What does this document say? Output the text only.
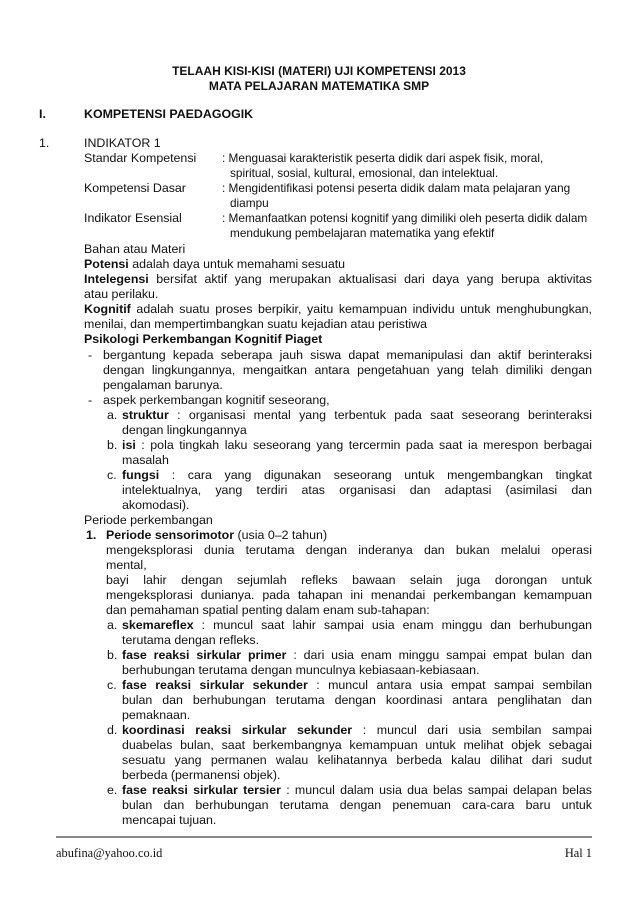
TELAAH KISI-KISI (MATERI) UJI KOMPETENSI 2013
MATA PELAJARAN MATEMATIKA SMP
I.	KOMPETENSI PAEDAGOGIK
1.	INDIKATOR 1
Standar Kompetensi : Menguasai karakteristik peserta didik dari aspek fisik, moral,
spiritual, sosial, kultural, emosional, dan intelektual.
Kompetensi Dasar	: Mengidentifikasi potensi peserta didik dalam mata pelajaran yang
diampu
Indikator Esensial	: Memanfaatkan potensi kognitif yang dimiliki oleh peserta didik dalam
mendukung pembelajaran matematika yang efektif
Bahan atau Materi
Potensi adalah daya untuk memahami sesuatu
Intelegensi bersifat aktif yang merupakan aktualisasi dari daya yang berupa aktivitas
atau perilaku.
Kognitif adalah suatu proses berpikir, yaitu kemampuan individu untuk menghubungkan,
menilai, dan mempertimbangkan suatu kejadian atau peristiwa
Psikologi Perkembangan Kognitif Piaget
- bergantung kepada seberapa jauh siswa dapat memanipulasi dan aktif berinteraksi
dengan lingkungannya, mengaitkan antara pengetahuan yang telah dimiliki dengan
pengalaman barunya.
- aspek perkembangan kognitif seseorang,
a. struktur : organisasi mental yang terbentuk pada saat seseorang berinteraksi
dengan lingkungannya
b. isi : pola tingkah laku seseorang yang tercermin pada saat ia merespon berbagai
masalah
c. fungsi : cara yang digunakan seseorang untuk mengembangkan tingkat
intelektualnya, yang terdiri atas organisasi dan adaptasi (asimilasi dan
akomodasi).
Periode perkembangan
1. Periode sensorimotor (usia 0–2 tahun)
mengeksplorasi dunia terutama dengan inderanya dan bukan melalui operasi
mental,
bayi lahir dengan sejumlah refleks bawaan selain juga dorongan untuk
mengeksplorasi dunianya. pada tahapan ini menandai perkembangan kemampuan
dan pemahaman spatial penting dalam enam sub-tahapan:
a. skemareflex : muncul saat lahir sampai usia enam minggu dan berhubungan
terutama dengan refleks.
b. fase reaksi sirkular primer : dari usia enam minggu sampai empat bulan dan
berhubungan terutama dengan munculnya kebiasaan-kebiasaan.
c. fase reaksi sirkular sekunder : muncul antara usia empat sampai sembilan
bulan dan berhubungan terutama dengan koordinasi antara penglihatan dan
pemaknaan.
d. koordinasi reaksi sirkular sekunder : muncul dari usia sembilan sampai
duabelas bulan, saat berkembangnya kemampuan untuk melihat objek sebagai
sesuatu yang permanen walau kelihatannya berbeda kalau dilihat dari sudut
berbeda (permanensi objek).
e. fase reaksi sirkular tersier : muncul dalam usia dua belas sampai delapan belas
bulan dan berhubungan terutama dengan penemuan cara-cara baru untuk
mencapai tujuan.
abufina@yahoo.co.id	Hal 1
